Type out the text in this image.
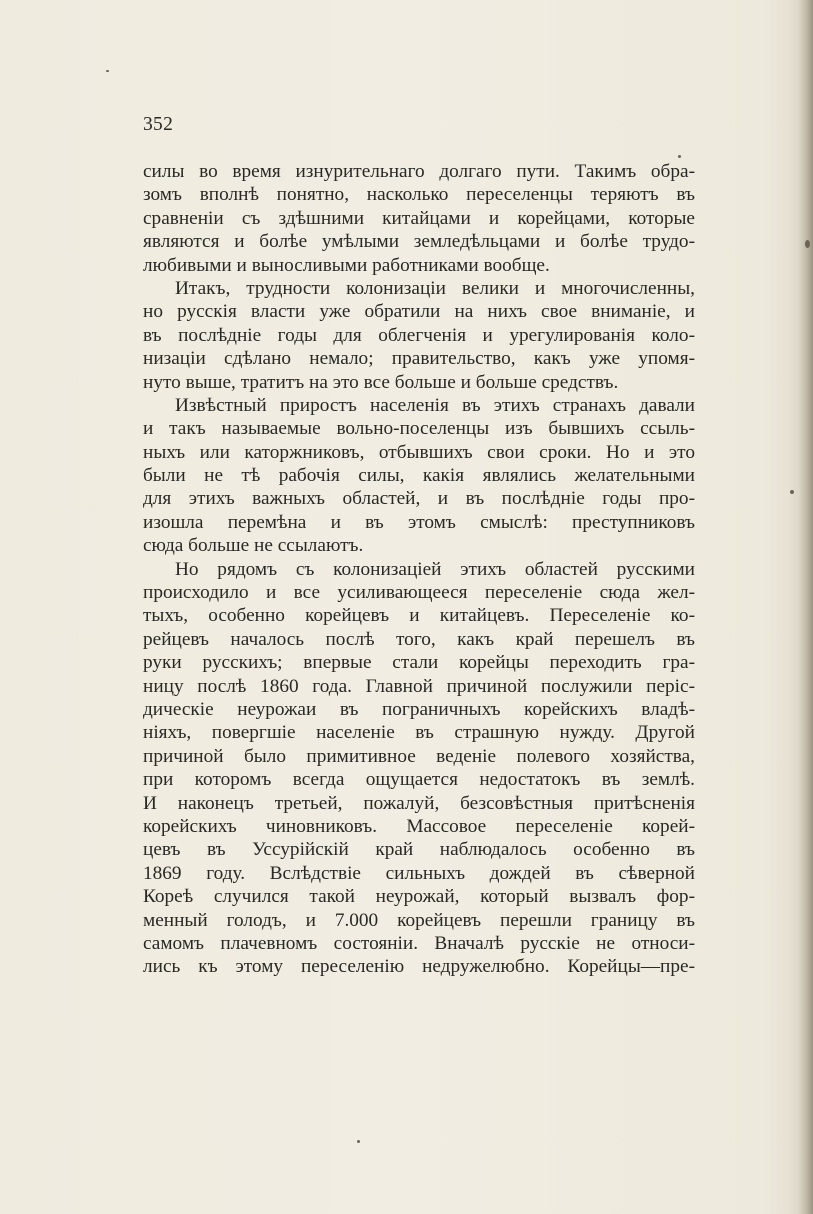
352
силы во время изнурительнаго долгаго пути. Такимъ обра-
зомъ вполнѣ понятно, насколько переселенцы теряютъ въ
сравненіи съ здѣшними китайцами и корейцами, которые
являются и болѣе умѣлыми земледѣльцами и болѣе трудо-
любивыми и выносливыми работниками вообще.
Итакъ, трудности колонизаціи велики и многочисленны,
но русскія власти уже обратили на нихъ свое вниманіе, и
въ послѣдніе годы для облегченія и урегулированія коло-
низаціи сдѣлано немало; правительство, какъ уже упомя-
нуто выше, тратитъ на это все больше и больше средствъ.
Извѣстный приростъ населенія въ этихъ странахъ давали
и такъ называемые вольно-поселенцы изъ бывшихъ ссыль-
ныхъ или каторжниковъ, отбывшихъ свои сроки. Но и это
были не тѣ рабочія силы, какія являлись желательными
для этихъ важныхъ областей, и въ послѣдніе годы про-
изошла перемѣна и въ этомъ смыслѣ: преступниковъ
сюда больше не ссылаютъ.
Но рядомъ съ колонизаціей этихъ областей русскими
происходило и все усиливающееся переселеніе сюда жел-
тыхъ, особенно корейцевъ и китайцевъ. Переселеніе ко-
рейцевъ началось послѣ того, какъ край перешелъ въ
руки русскихъ; впервые стали корейцы переходить гра-
ницу послѣ 1860 года. Главной причиной послужили періс-
дическіе неурожаи въ пограничныхъ корейскихъ владѣ-
ніяхъ, повергшіе населеніе въ страшную нужду. Другой
причиной было примитивное веденіе полевого хозяйства,
при которомъ всегда ощущается недостатокъ въ землѣ.
И наконецъ третьей, пожалуй, безсовѣстныя притѣсненія
корейскихъ чиновниковъ. Массовое переселеніе корей-
цевъ въ Уссурійскій край наблюдалось особенно въ
1869 году. Вслѣдствіе сильныхъ дождей въ сѣверной
Кореѣ случился такой неурожай, который вызвалъ фор-
менный голодъ, и 7.000 корейцевъ перешли границу въ
самомъ плачевномъ состояніи. Вначалѣ русскіе не относи-
лись къ этому переселенію недружелюбно. Корейцы—пре-
